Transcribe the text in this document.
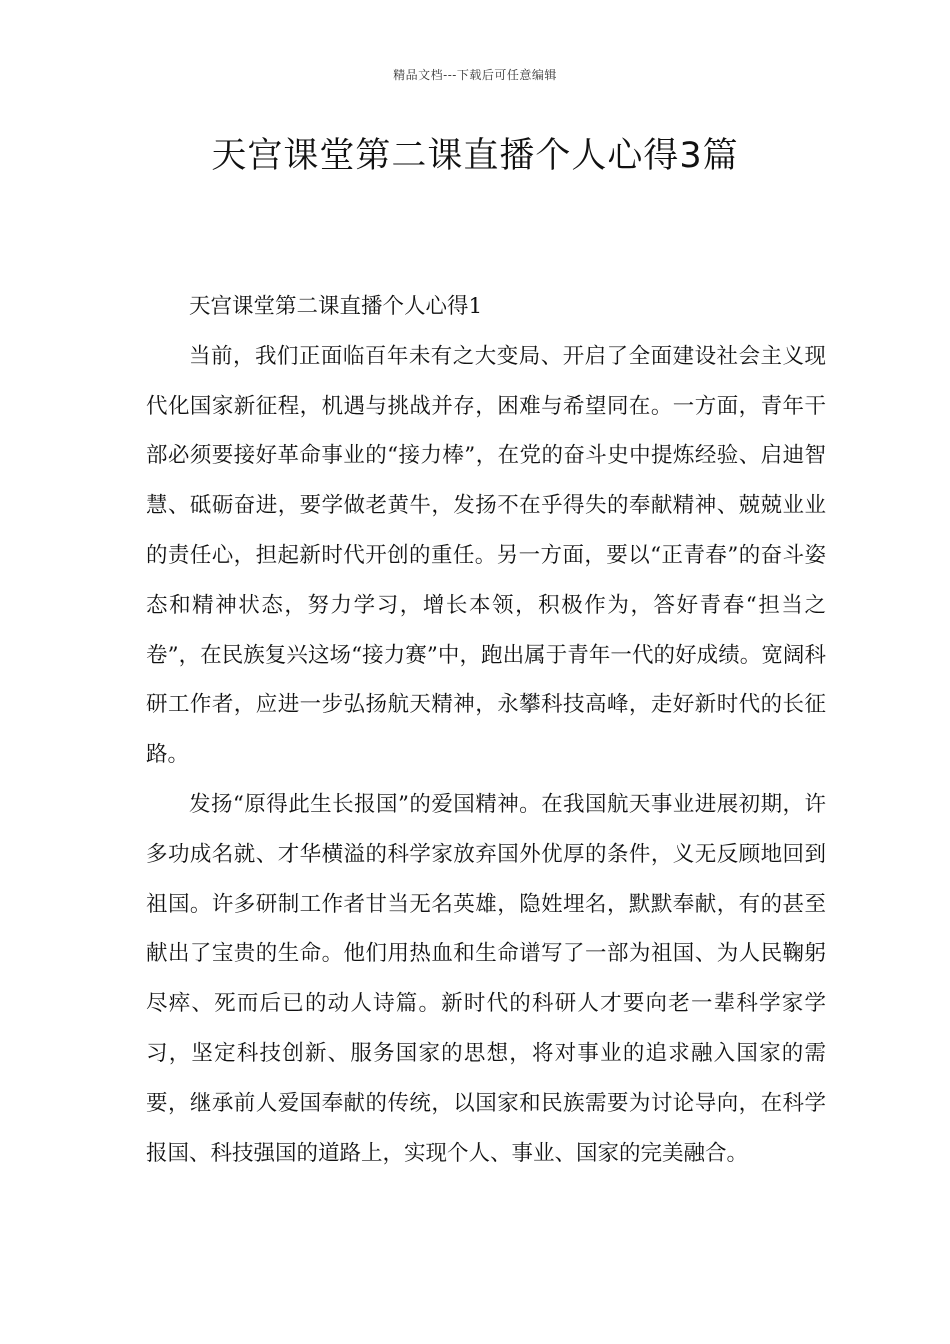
精品文档---下载后可任意编辑
天宫课堂第二课直播个人心得3篇

天宫课堂第二课直播个人心得1

当前，我们正面临百年未有之大变局、开启了全面建设社会主义现代化国家新征程，机遇与挑战并存，困难与希望同在。一方面，青年干部必须要接好革命事业的“接力棒”，在党的奋斗史中提炼经验、启迪智慧、砥砺奋进，要学做老黄牛，发扬不在乎得失的奉献精神、兢兢业业的责任心，担起新时代开创的重任。另一方面，要以“正青春”的奋斗姿态和精神状态，努力学习，增长本领，积极作为，答好青春“担当之卷”，在民族复兴这场“接力赛”中，跑出属于青年一代的好成绩。宽阔科研工作者，应进一步弘扬航天精神，永攀科技高峰，走好新时代的长征路。

发扬“原得此生长报国”的爱国精神。在我国航天事业进展初期，许多功成名就、才华横溢的科学家放弃国外优厚的条件，义无反顾地回到祖国。许多研制工作者甘当无名英雄，隐姓埋名，默默奉献，有的甚至献出了宝贵的生命。他们用热血和生命谱写了一部为祖国、为人民鞠躬尽瘁、死而后已的动人诗篇。新时代的科研人才要向老一辈科学家学习，坚定科技创新、服务国家的思想，将对事业的追求融入国家的需要，继承前人爱国奉献的传统，以国家和民族需要为讨论导向，在科学报国、科技强国的道路上，实现个人、事业、国家的完美融合。
